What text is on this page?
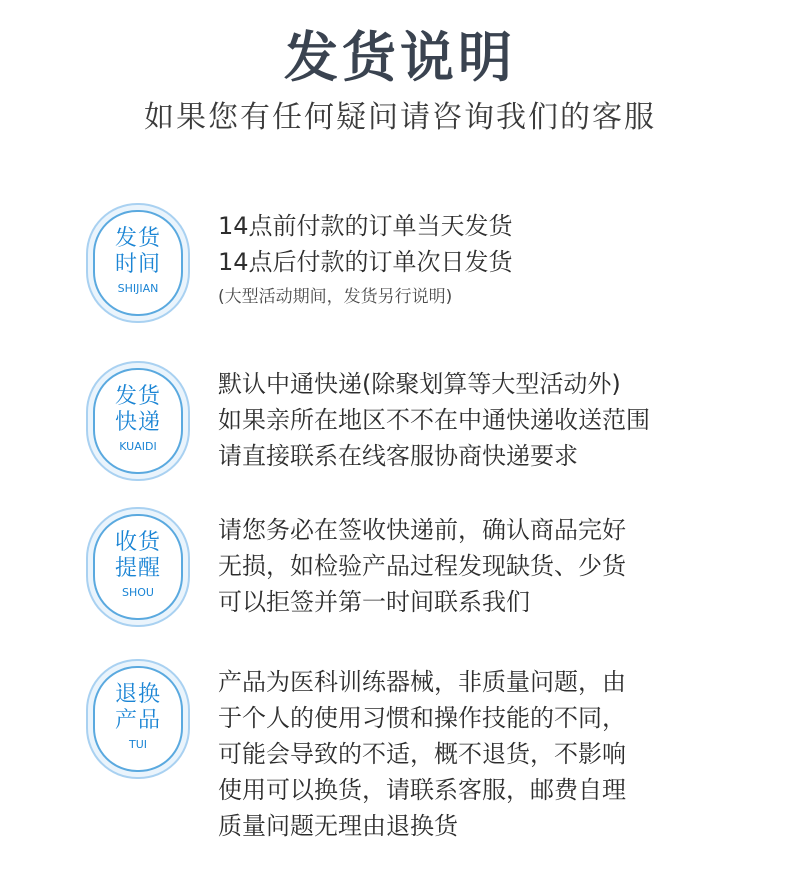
发货说明
如果您有任何疑问请咨询我们的客服
发货
时间
SHIJIAN
14点前付款的订单当天发货
14点后付款的订单次日发货
(大型活动期间，发货另行说明)
发货
快递
KUAIDI
默认中通快递(除聚划算等大型活动外)
如果亲所在地区不不在中通快递收送范围
请直接联系在线客服协商快递要求
收货
提醒
SHOU
请您务必在签收快递前，确认商品完好
无损，如检验产品过程发现缺货、少货
可以拒签并第一时间联系我们
退换
产品
TUI
产品为医科训练器械，非质量问题，由
于个人的使用习惯和操作技能的不同，
可能会导致的不适，概不退货，不影响
使用可以换货，请联系客服，邮费自理
质量问题无理由退换货
